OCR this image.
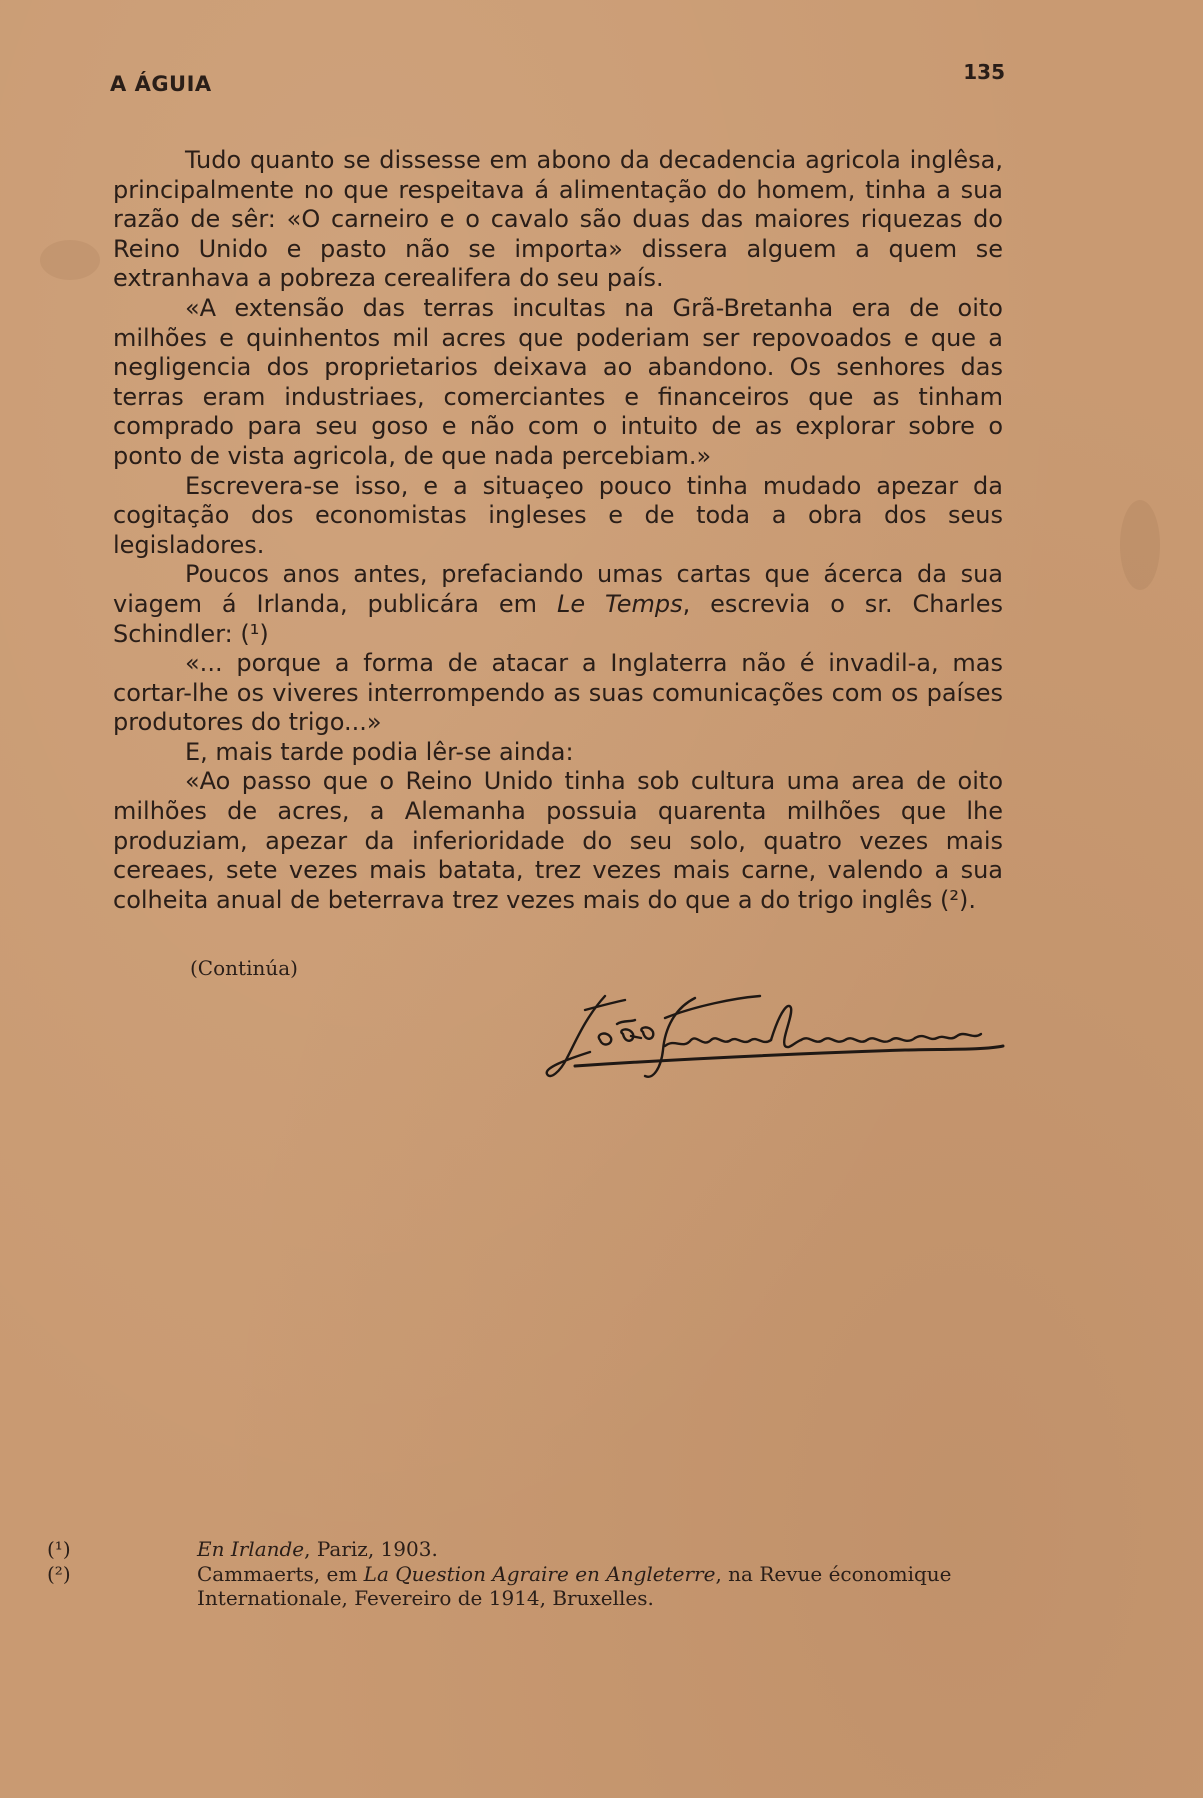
A ÁGUIA	135

Tudo quanto se dissesse em abono da decadencia agricola inglêsa, principalmente no que respeitava á alimentação do homem, tinha a sua razão de sêr: «O carneiro e o cavalo são duas das maiores riquezas do Reino Unido e pasto não se importa» dissera alguem a quem se extranhava a pobreza cerealifera do seu país.

«A extensão das terras incultas na Grã-Bretanha era de oito milhões e quinhentos mil acres que poderiam ser repovoados e que a negligencia dos proprietarios deixava ao abandono. Os senhores das terras eram industriaes, comerciantes e financeiros que as tinham comprado para seu goso e não com o intuito de as explorar sobre o ponto de vista agricola, de que nada percebiam.»

Escrevera-se isso, e a situaçeo pouco tinha mudado apezar da cogitação dos economistas ingleses e de toda a obra dos seus legisladores.

Poucos anos antes, prefaciando umas cartas que ácerca da sua viagem á Irlanda, publicára em Le Temps, escrevia o sr. Charles Schindler: (¹)

«... porque a forma de atacar a Inglaterra não é invadil-a, mas cortar-lhe os viveres interrompendo as suas comunicações com os países produtores do trigo...»

E, mais tarde podia lêr-se ainda:

«Ao passo que o Reino Unido tinha sob cultura uma area de oito milhões de acres, a Alemanha possuia quarenta milhões que lhe produziam, apezar da inferioridade do seu solo, quatro vezes mais cereaes, sete vezes mais batata, trez vezes mais carne, valendo a sua colheita anual de beterrava trez vezes mais do que a do trigo inglês (²).

(Continúa)

(¹)	En Irlande, Pariz, 1903.

(²)	Cammaerts, em La Question Agraire en Angleterre, na Revue économique Internationale, Fevereiro de 1914, Bruxelles.
